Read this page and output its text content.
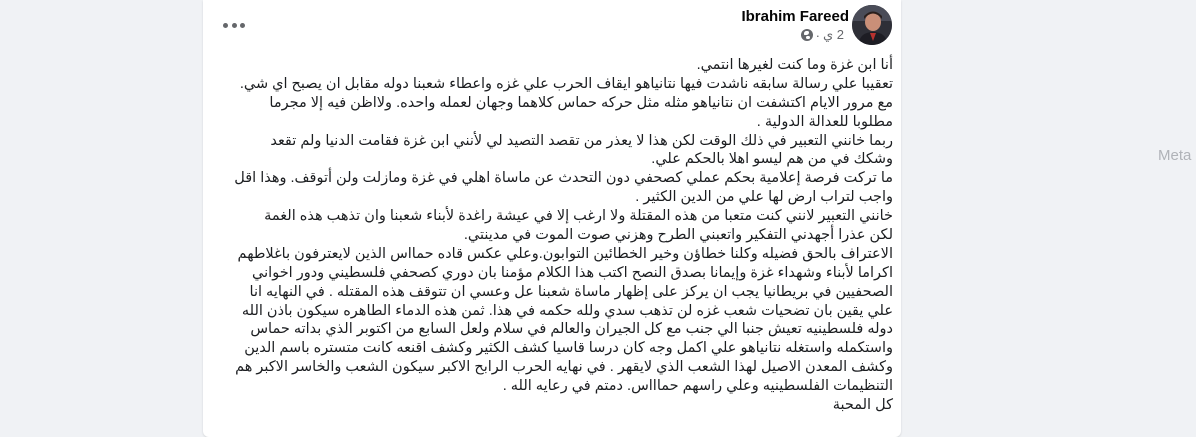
Ibrahim Fareed
2 ي
·
أنا ابن غزة وما كنت لغيرها انتمي.
تعقيبا علي رسالة سابقه ناشدت فيها نتانياهو ايقاف الحرب علي غزه واعطاء شعبنا دوله مقابل ان يصبح اي شي.
مع مرور الايام اكتشفت ان نتانياهو مثله مثل حركه حماس كلاهما وجهان لعمله واحده. ولااظن فيه إلا مجرما
مطلوبا للعدالة الدولية .
ربما خانني التعبير في ذلك الوقت لكن هذا لا يعذر من تقصد التصيد لي لأنني ابن غزة فقامت الدنيا ولم تقعد
وشكك في من هم ليسو اهلا بالحكم علي.
ما تركت فرصة إعلامية بحكم عملي كصحفي دون التحدث عن ماساة اهلي في غزة ومازلت ولن أتوقف. وهذا اقل
واجب لتراب ارض لها علي من الدين الكثير .
خانني التعبير لانني كنت متعبا من هذه المقتلة ولا ارغب إلا في عيشة راغدة لأبناء شعبنا وان تذهب هذه الغمة
لكن عذرا أجهدني التفكير واتعبني الطرح وهزني صوت الموت في مدينتي.
الاعتراف بالحق فضيله وكلنا خطاؤن وخير الخطائين التوابون.وعلي عكس قاده حمااس الذين لايعترفون باغلاطهم
اكراما لأبناء وشهداء غزة وإيمانا بصدق النصح اكتب هذا الكلام مؤمنا بان دوري كصحفي فلسطيني ودور اخواني
الصحفيين في بريطانيا يجب ان يركز على إظهار ماساة شعبنا عل وعسي ان تتوقف هذه المقتله . في النهايه انا
علي يقين بان تضحيات شعب غزه لن تذهب سدي ولله حكمه في هذا. ثمن هذه الدماء الطاهره سيكون باذن الله
دوله فلسطينيه تعيش جنبا الي جنب مع كل الجيران والعالم في سلام ولعل السابع من اكتوبر الذي بداته حماس
واستكمله واستغله نتانياهو علي اكمل وجه كان درسا قاسيا كشف الكثير وكشف اقنعه كانت متستره باسم الدين
وكشف المعدن الاصيل لهذا الشعب الذي لايقهر . في نهايه الحرب الرابح الاكبر سيكون الشعب والخاسر الاكبر هم
التنظيمات الفلسطينيه وعلي راسهم حماااس. دمتم في رعايه الله .
كل المحبة
Meta
